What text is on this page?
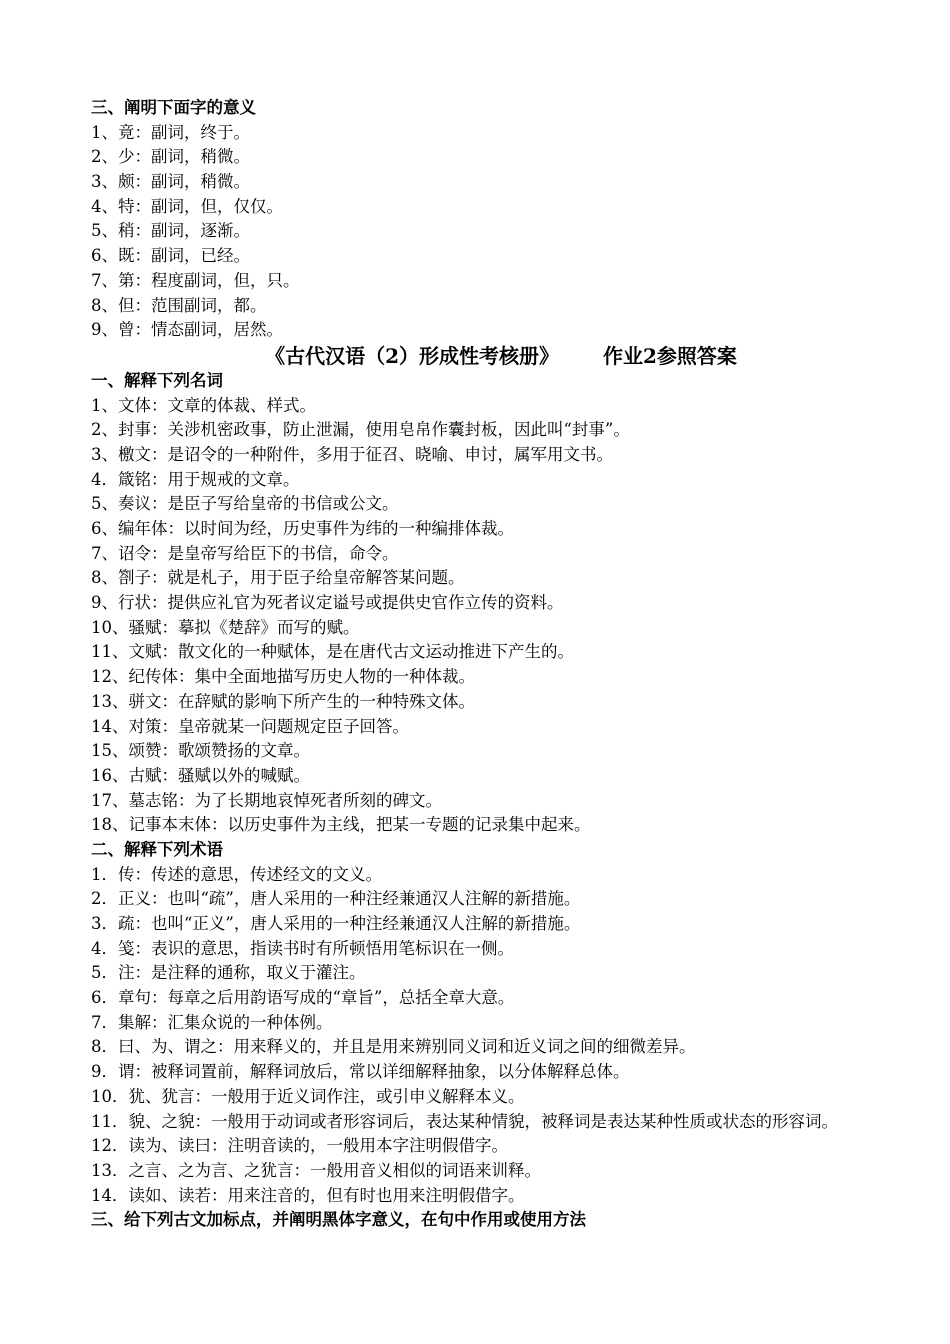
三、阐明下面字的意义
1、竟：副词，终于。
2、少：副词，稍微。
3、颇：副词，稍微。
4、特：副词，但，仅仅。
5、稍：副词，逐渐。
6、既：副词，已经。
7、第：程度副词，但，只。
8、但：范围副词，都。
9、曾：情态副词，居然。
《古代汉语（2）形成性考核册》 作业2参照答案
一、解释下列名词
1、文体：文章的体裁、样式。
2、封事：关涉机密政事，防止泄漏，使用皂帛作囊封板，因此叫“封事”。
3、檄文：是诏令的一种附件，多用于征召、晓喻、申讨，属军用文书。
4．箴铭：用于规戒的文章。
5、奏议：是臣子写给皇帝的书信或公文。
6、编年体：以时间为经，历史事件为纬的一种编排体裁。
7、诏令：是皇帝写给臣下的书信，命令。
8、劄子：就是札子，用于臣子给皇帝解答某问题。
9、行状：提供应礼官为死者议定谥号或提供史官作立传的资料。
10、骚赋：摹拟《楚辞》而写的赋。
11、文赋：散文化的一种赋体，是在唐代古文运动推进下产生的。
12、纪传体：集中全面地描写历史人物的一种体裁。
13、骈文：在辞赋的影响下所产生的一种特殊文体。
14、对策：皇帝就某一问题规定臣子回答。
15、颂赞：歌颂赞扬的文章。
16、古赋：骚赋以外的喊赋。
17、墓志铭：为了长期地哀悼死者所刻的碑文。
18、记事本末体：以历史事件为主线，把某一专题的记录集中起来。
二、解释下列术语
1．传：传述的意思，传述经文的文义。
2．正义：也叫“疏”，唐人采用的一种注经兼通汉人注解的新措施。
3．疏：也叫“正义”，唐人采用的一种注经兼通汉人注解的新措施。
4．笺：表识的意思，指读书时有所顿悟用笔标识在一侧。
5．注：是注释的通称，取义于灌注。
6．章句：每章之后用韵语写成的“章旨”，总括全章大意。
7．集解：汇集众说的一种体例。
8．曰、为、谓之：用来释义的，并且是用来辨别同义词和近义词之间的细微差异。
9．谓：被释词置前，解释词放后，常以详细解释抽象，以分体解释总体。
10．犹、犹言：一般用于近义词作注，或引申义解释本义。
11．貌、之貌：一般用于动词或者形容词后，表达某种情貌，被释词是表达某种性质或状态的形容词。
12．读为、读曰：注明音读的，一般用本字注明假借字。
13．之言、之为言、之犹言：一般用音义相似的词语来训释。
14．读如、读若：用来注音的，但有时也用来注明假借字。
三、给下列古文加标点，并阐明黑体字意义，在句中作用或使用方法
